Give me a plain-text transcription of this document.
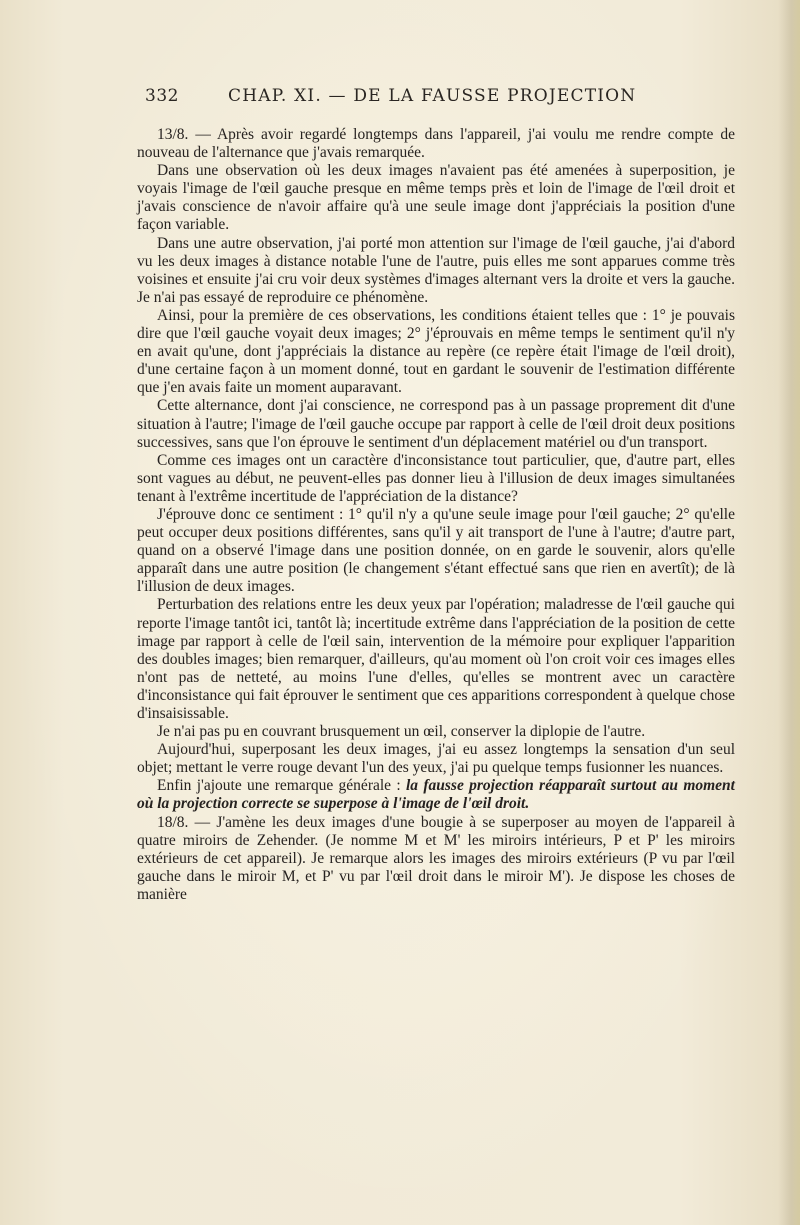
332	CHAP. XI. — DE LA FAUSSE PROJECTION

13/8. — Après avoir regardé longtemps dans l'appareil, j'ai voulu me rendre compte de nouveau de l'alternance que j'avais remarquée.

Dans une observation où les deux images n'avaient pas été amenées à superposition, je voyais l'image de l'œil gauche presque en même temps près et loin de l'image de l'œil droit et j'avais conscience de n'avoir affaire qu'à une seule image dont j'appréciais la position d'une façon variable.

Dans une autre observation, j'ai porté mon attention sur l'image de l'œil gauche, j'ai d'abord vu les deux images à distance notable l'une de l'autre, puis elles me sont apparues comme très voisines et ensuite j'ai cru voir deux systèmes d'images alternant vers la droite et vers la gauche. Je n'ai pas essayé de reproduire ce phénomène.

Ainsi, pour la première de ces observations, les conditions étaient telles que : 1° je pouvais dire que l'œil gauche voyait deux images; 2° j'éprouvais en même temps le sentiment qu'il n'y en avait qu'une, dont j'appréciais la distance au repère (ce repère était l'image de l'œil droit), d'une certaine façon à un moment donné, tout en gardant le souvenir de l'estimation différente que j'en avais faite un moment auparavant.

Cette alternance, dont j'ai conscience, ne correspond pas à un passage proprement dit d'une situation à l'autre; l'image de l'œil gauche occupe par rapport à celle de l'œil droit deux positions successives, sans que l'on éprouve le sentiment d'un déplacement matériel ou d'un transport.

Comme ces images ont un caractère d'inconsistance tout particulier, que, d'autre part, elles sont vagues au début, ne peuvent-elles pas donner lieu à l'illusion de deux images simultanées tenant à l'extrême incertitude de l'appréciation de la distance?

J'éprouve donc ce sentiment : 1° qu'il n'y a qu'une seule image pour l'œil gauche; 2° qu'elle peut occuper deux positions différentes, sans qu'il y ait transport de l'une à l'autre; d'autre part, quand on a observé l'image dans une position donnée, on en garde le souvenir, alors qu'elle apparaît dans une autre position (le changement s'étant effectué sans que rien en avertît); de là l'illusion de deux images.

Perturbation des relations entre les deux yeux par l'opération; maladresse de l'œil gauche qui reporte l'image tantôt ici, tantôt là; incertitude extrême dans l'appréciation de la position de cette image par rapport à celle de l'œil sain, intervention de la mémoire pour expliquer l'apparition des doubles images; bien remarquer, d'ailleurs, qu'au moment où l'on croit voir ces images elles n'ont pas de netteté, au moins l'une d'elles, qu'elles se montrent avec un caractère d'inconsistance qui fait éprouver le sentiment que ces apparitions correspondent à quelque chose d'insaisissable.

Je n'ai pas pu en couvrant brusquement un œil, conserver la diplopie de l'autre.

Aujourd'hui, superposant les deux images, j'ai eu assez longtemps la sensation d'un seul objet; mettant le verre rouge devant l'un des yeux, j'ai pu quelque temps fusionner les nuances.

Enfin j'ajoute une remarque générale : la fausse projection réapparaît surtout au moment où la projection correcte se superpose à l'image de l'œil droit.

18/8. — J'amène les deux images d'une bougie à se superposer au moyen de l'appareil à quatre miroirs de Zehender. (Je nomme M et M' les miroirs intérieurs, P et P' les miroirs extérieurs de cet appareil). Je remarque alors les images des miroirs extérieurs (P vu par l'œil gauche dans le miroir M, et P' vu par l'œil droit dans le miroir M'). Je dispose les choses de manière
